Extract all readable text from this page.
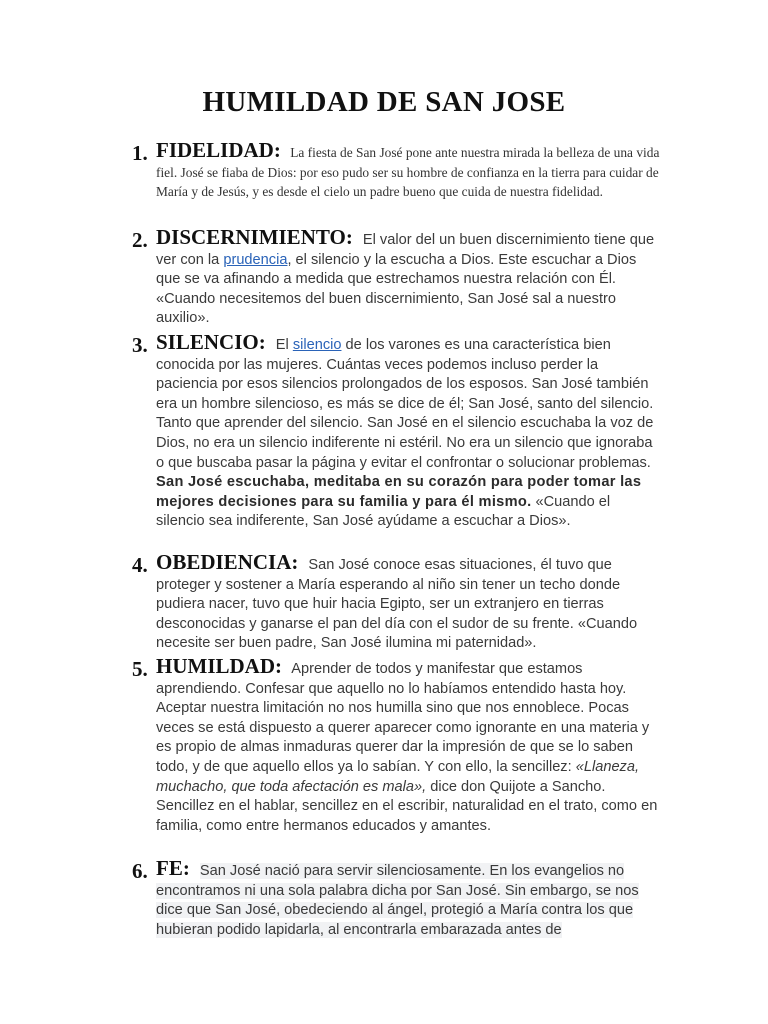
HUMILDAD DE SAN JOSE
1. FIDELIDAD: La fiesta de San José pone ante nuestra mirada la belleza de una vida fiel. José se fiaba de Dios: por eso pudo ser su hombre de confianza en la tierra para cuidar de María y de Jesús, y es desde el cielo un padre bueno que cuida de nuestra fidelidad.
2. DISCERNIMIENTO: El valor del un buen discernimiento tiene que ver con la prudencia, el silencio y la escucha a Dios. Este escuchar a Dios que se va afinando a medida que estrechamos nuestra relación con Él. «Cuando necesitemos del buen discernimiento, San José sal a nuestro auxilio».
3. SILENCIO: El silencio de los varones es una característica bien conocida por las mujeres. Cuántas veces podemos incluso perder la paciencia por esos silencios prolongados de los esposos. San José también era un hombre silencioso, es más se dice de él; San José, santo del silencio. Tanto que aprender del silencio. San José en el silencio escuchaba la voz de Dios, no era un silencio indiferente ni estéril. No era un silencio que ignoraba o que buscaba pasar la página y evitar el confrontar o solucionar problemas. San José escuchaba, meditaba en su corazón para poder tomar las mejores decisiones para su familia y para él mismo. «Cuando el silencio sea indiferente, San José ayúdame a escuchar a Dios».
4. OBEDIENCIA: San José conoce esas situaciones, él tuvo que proteger y sostener a María esperando al niño sin tener un techo donde pudiera nacer, tuvo que huir hacia Egipto, ser un extranjero en tierras desconocidas y ganarse el pan del día con el sudor de su frente. «Cuando necesite ser buen padre, San José ilumina mi paternidad».
5. HUMILDAD: Aprender de todos y manifestar que estamos aprendiendo. Confesar que aquello no lo habíamos entendido hasta hoy. Aceptar nuestra limitación no nos humilla sino que nos ennoblece. Pocas veces se está dispuesto a querer aparecer como ignorante en una materia y es propio de almas inmaduras querer dar la impresión de que se lo saben todo, y de que aquello ellos ya lo sabían. Y con ello, la sencillez: «Llaneza, muchacho, que toda afectación es mala», dice don Quijote a Sancho. Sencillez en el hablar, sencillez en el escribir, naturalidad en el trato, como en familia, como entre hermanos educados y amantes.
6. FE: San José nació para servir silenciosamente. En los evangelios no encontramos ni una sola palabra dicha por San José. Sin embargo, se nos dice que San José, obedeciendo al ángel, protegió a María contra los que hubieran podido lapidarla, al encontrarla embarazada antes de
